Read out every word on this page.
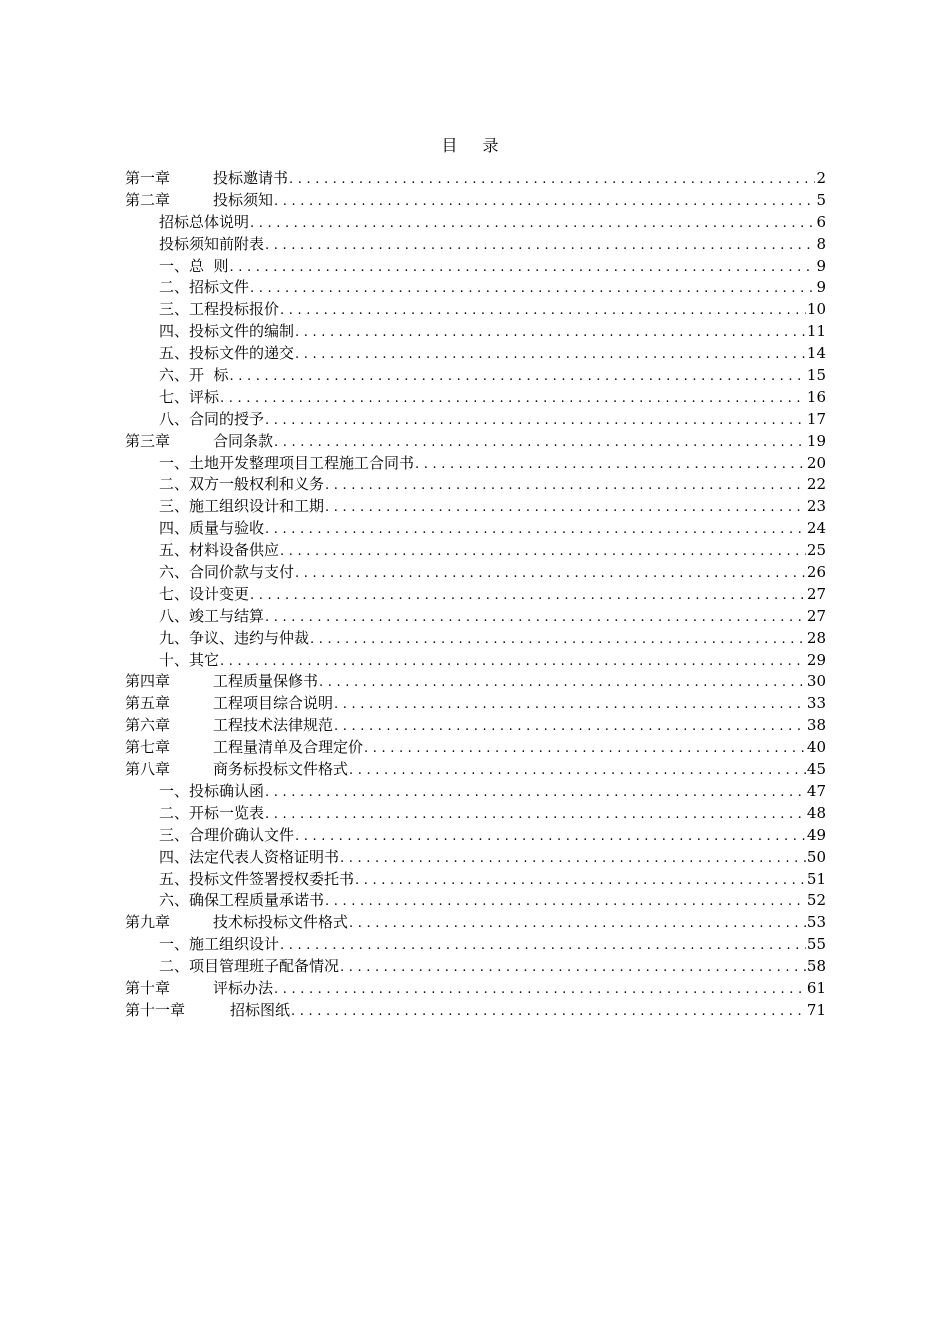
目 录
第一章	投标邀请书 .....	2
第二章	投标须知 .....	5
招标总体说明 .....	6
投标须知前附表 .....	8
一、总  则 .....	9
二、招标文件 .....	9
三、工程投标报价 .....	10
四、投标文件的编制 .....	11
五、投标文件的递交 .....	14
六、开  标 .....	15
七、评标 .....	16
八、合同的授予 .....	17
第三章	合同条款 .....	19
一、土地开发整理项目工程施工合同书 .....	20
二、双方一般权利和义务 .....	22
三、施工组织设计和工期 .....	23
四、质量与验收 .....	24
五、材料设备供应 .....	25
六、合同价款与支付 .....	26
七、设计变更 .....	27
八、竣工与结算 .....	27
九、争议、违约与仲裁 .....	28
十、其它 .....	29
第四章	工程质量保修书 .....	30
第五章	工程项目综合说明 .....	33
第六章	工程技术法律规范 .....	38
第七章	工程量清单及合理定价 .....	40
第八章	商务标投标文件格式 .....	45
一、投标确认函 .....	47
二、开标一览表 .....	48
三、合理价确认文件 .....	49
四、法定代表人资格证明书 .....	50
五、投标文件签署授权委托书 .....	51
六、确保工程质量承诺书 .....	52
第九章	技术标投标文件格式 .....	53
一、施工组织设计 .....	55
二、项目管理班子配备情况 .....	58
第十章	评标办法 .....	61
第十一章	招标图纸 .....	71
